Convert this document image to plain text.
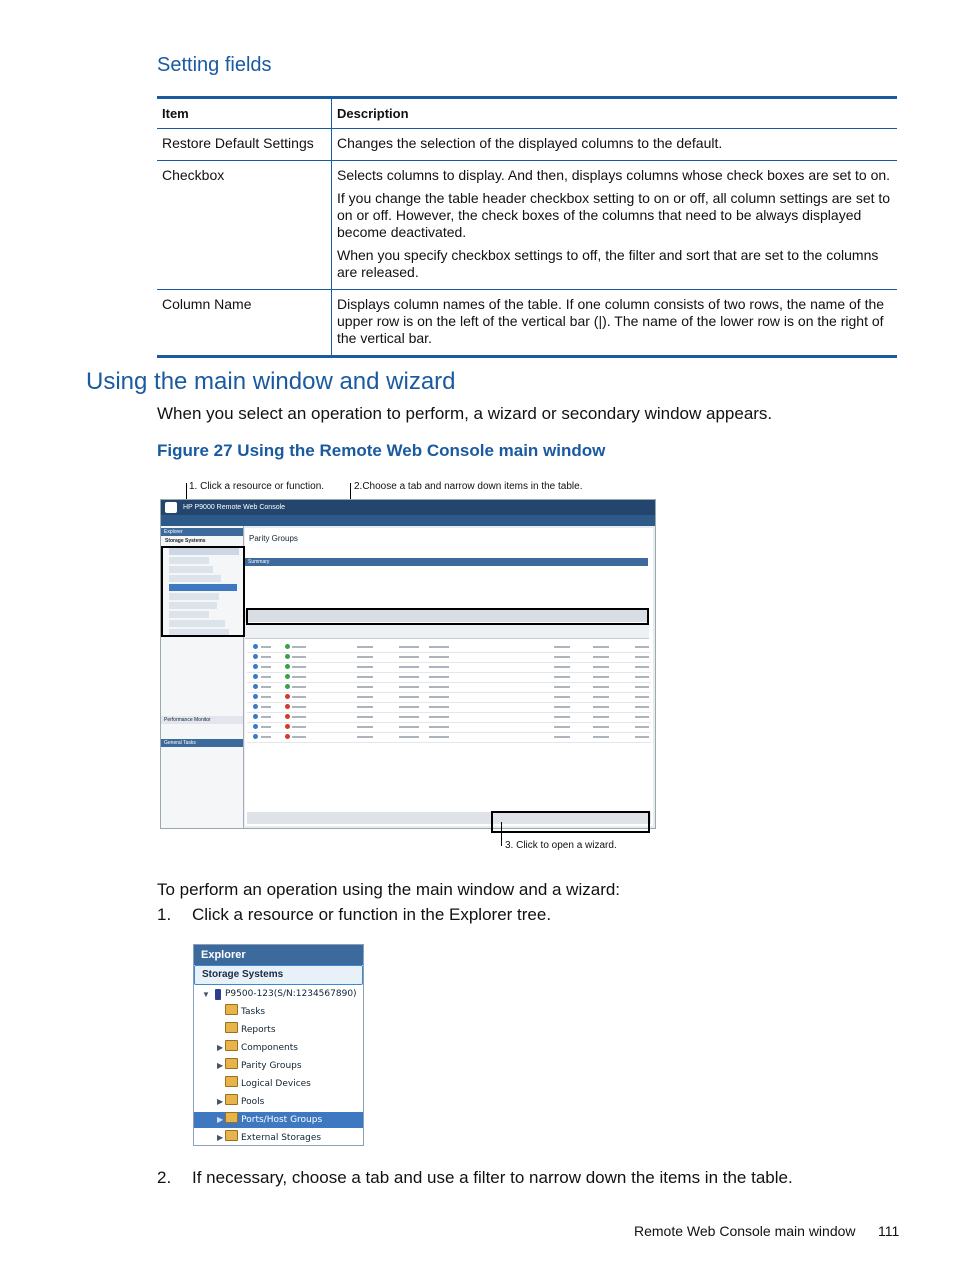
Setting fields
Item	Description
Restore Default Settings	Changes the selection of the displayed columns to the default.

Checkbox	Selects columns to display. And then, displays columns whose check boxes are set to on.

If you change the table header checkbox setting to on or off, all column settings are set to on or off. However, the check boxes of the columns that need to be always displayed become deactivated.

When you specify checkbox settings to off, the filter and sort that are set to the columns are released.

Column Name	Displays column names of the table. If one column consists of two rows, the name of the upper row is on the left of the vertical bar (|). The name of the lower row is on the right of the vertical bar.

Using the main window and wizard
When you select an operation to perform, a wizard or secondary window appears.
Figure 27 Using the Remote Web Console main window
1. Click a resource or function.	2.Choose a tab and narrow down items in the table.
HP P9000 Remote Web Console
Explorer
Storage Systems
Performance Monitor
General Tasks
Parity Groups
Summary
3. Click to open a wizard.
To perform an operation using the main window and a wizard:
1. Click a resource or function in the Explorer tree.
Explorer
Storage Systems
▼ P9500-123(S/N:1234567890)
Tasks
Reports
▶	Components
▶	Parity Groups
Logical Devices
▶	Pools
▶ Ports/Host Groups
▶	External Storages
2. If necessary, choose a tab and use a filter to narrow down the items in the table.
Remote Web Console main window 111
